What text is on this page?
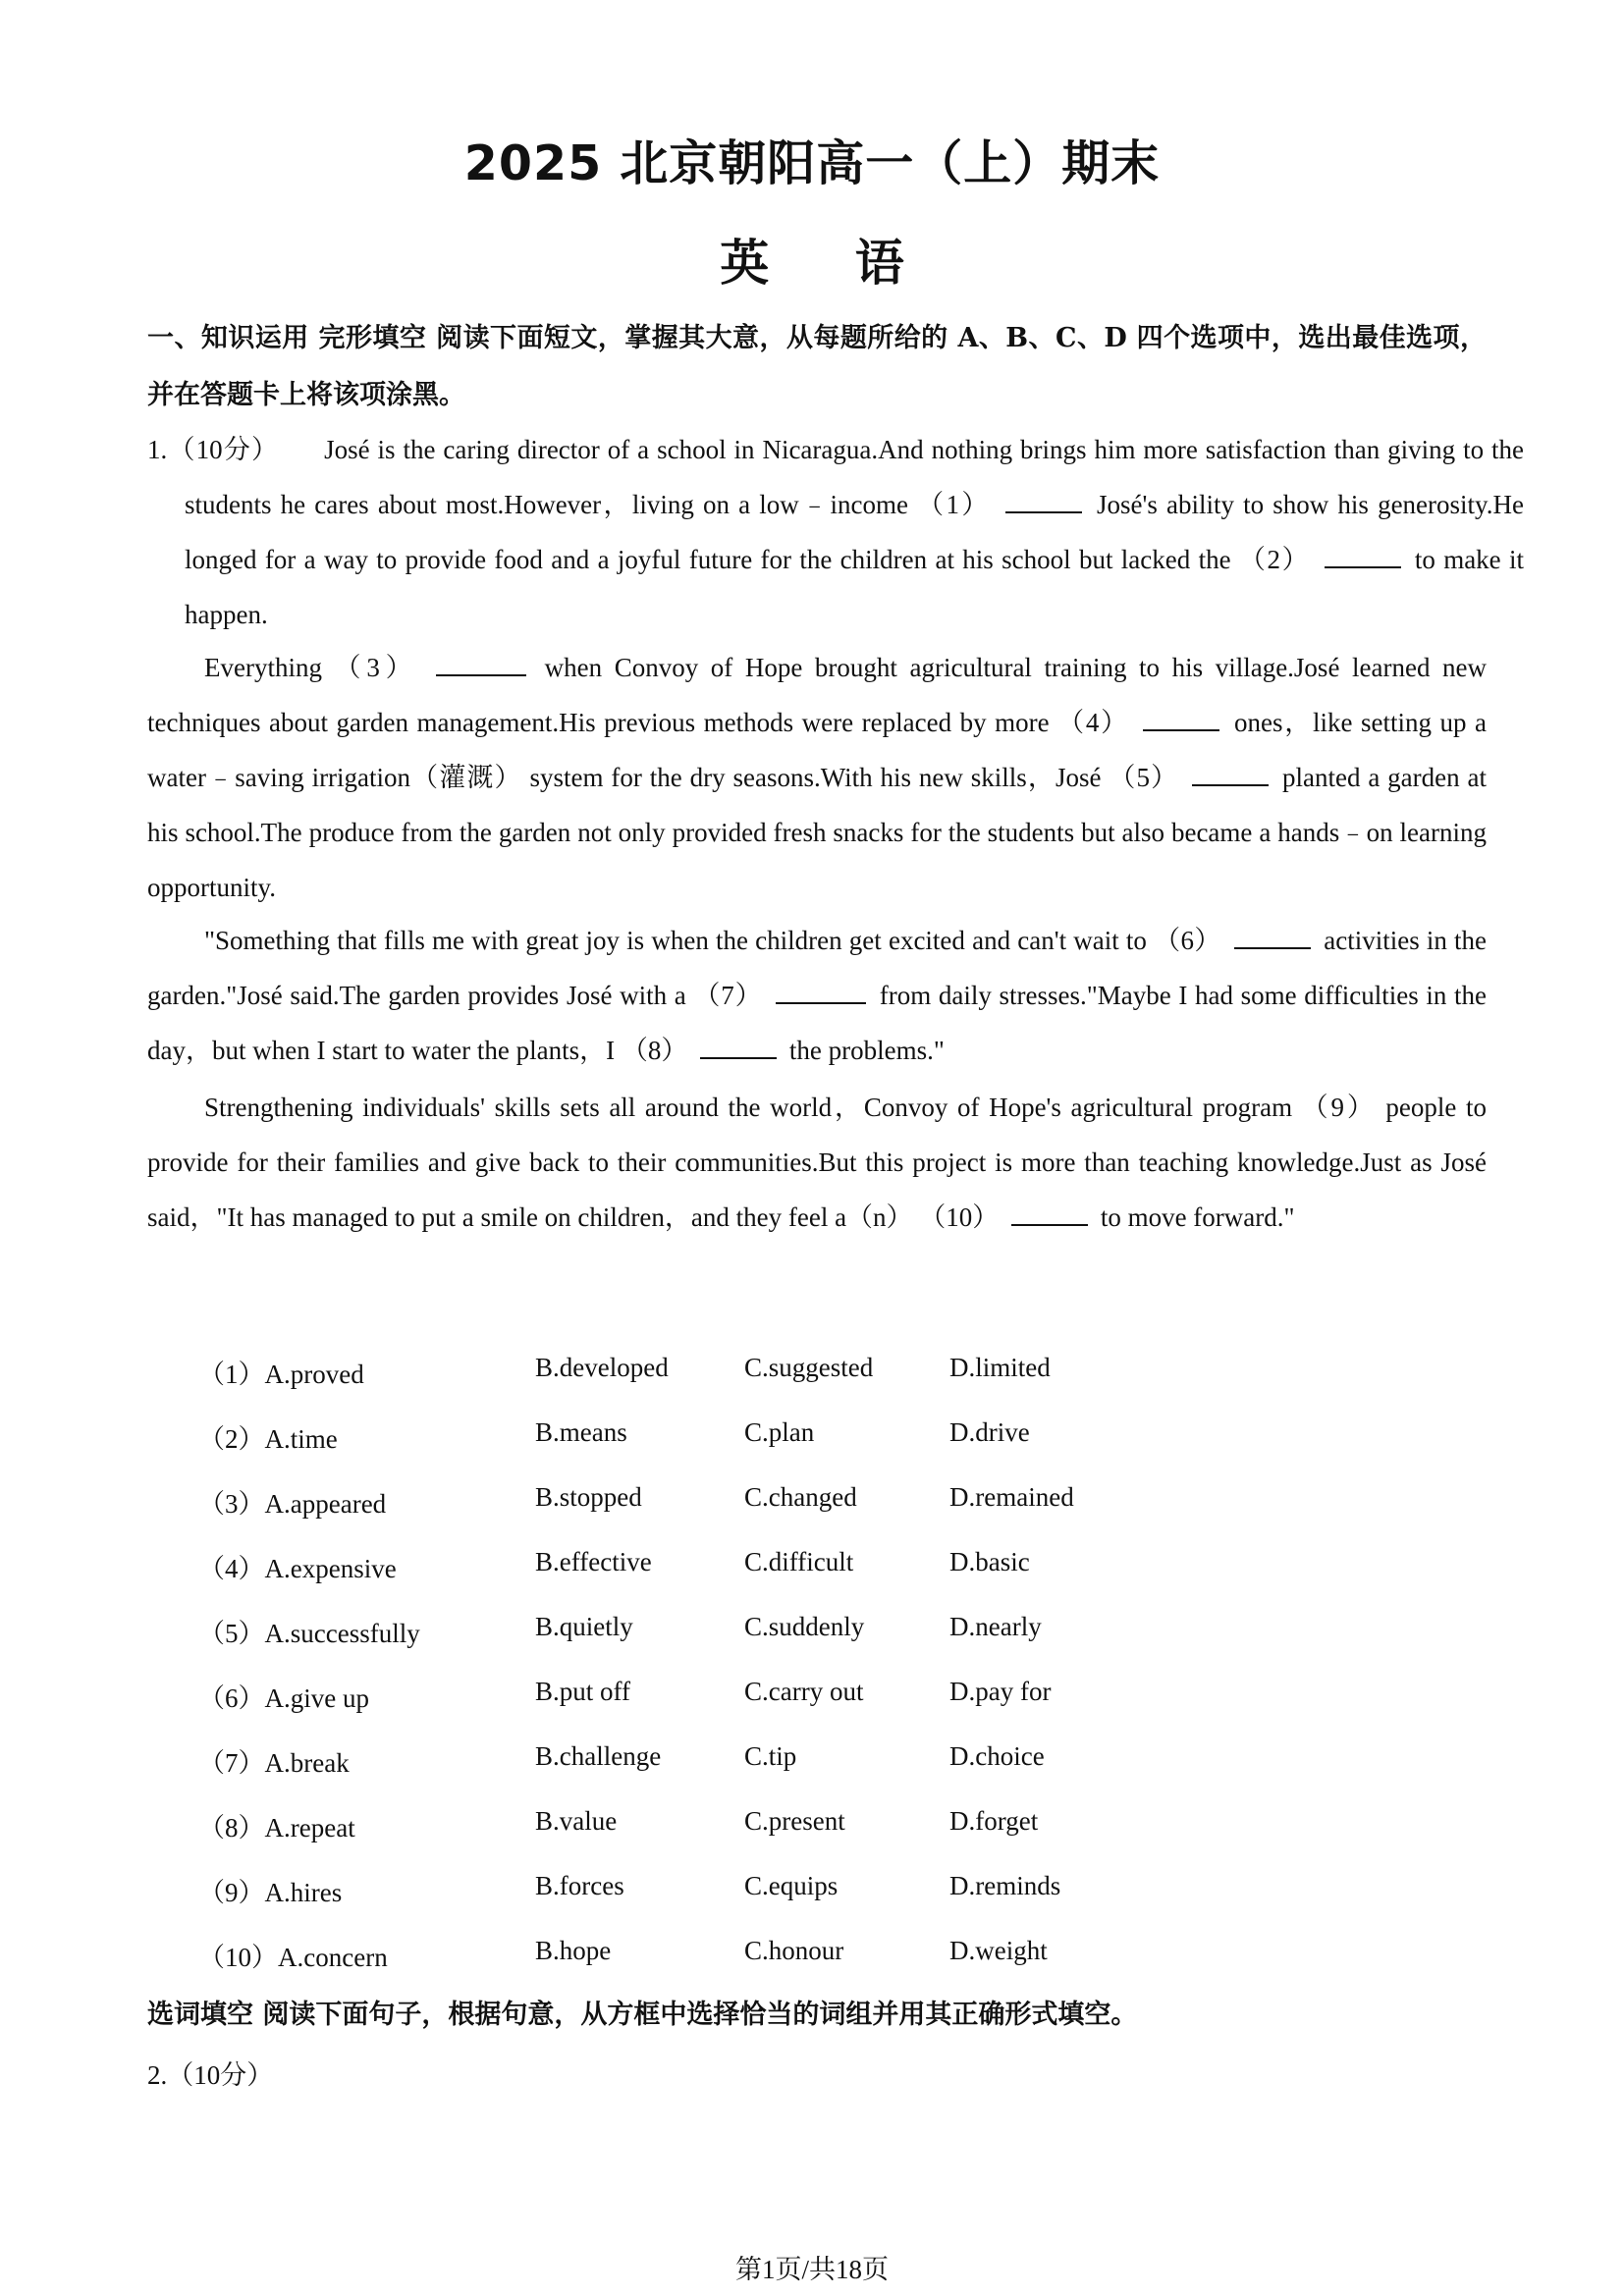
2025 北京朝阳高一（上）期末
英 语
一、知识运用 完形填空 阅读下面短文，掌握其大意，从每题所给的 A、B、C、D 四个选项中，选出最佳选项，并在答题卡上将该项涂黑。
1.（10分） José is the caring director of a school in Nicaragua.And nothing brings him more satisfaction than giving to the students he cares about most.However，living on a low﹣income （1）	José's ability to show his generosity.He longed for a way to provide food and a joyful future for the children at his school but lacked the （2）	to make it happen.
Everything （3）	when Convoy of Hope brought agricultural training to his village.José learned new techniques about garden management.His previous methods were replaced by more （4）	ones，like setting up a water﹣saving irrigation（灌溉） system for the dry seasons.With his new skills，José （5）	planted a garden at his school.The produce from the garden not only provided fresh snacks for the students but also became a hands﹣on learning opportunity.
"Something that fills me with great joy is when the children get excited and can't wait to （6）	activities in the garden."José said.The garden provides José with a （7）	from daily stresses."Maybe I had some difficulties in the day，but when I start to water the plants，I （8）	the problems."
Strengthening individuals' skills sets all around the world，Convoy of Hope's agricultural program （9） people to provide for their families and give back to their communities.But this project is more than teaching knowledge.Just as José said，"It has managed to put a smile on children，and they feel a（n） （10）	to move forward."
（1）A.proved	B.developed	C.suggested	D.limited
（2）A.time	B.means	C.plan	D.drive
（3）A.appeared	B.stopped	C.changed	D.remained
（4）A.expensive	B.effective	C.difficult	D.basic
（5）A.successfully	B.quietly	C.suddenly	D.nearly
（6）A.give up	B.put off	C.carry out	D.pay for
（7）A.break	B.challenge	C.tip	D.choice
（8）A.repeat	B.value	C.present	D.forget
（9）A.hires	B.forces	C.equips	D.reminds
（10）A.concern	B.hope	C.honour	D.weight
选词填空 阅读下面句子，根据句意，从方框中选择恰当的词组并用其正确形式填空。
2.（10分）
第1页/共18页
